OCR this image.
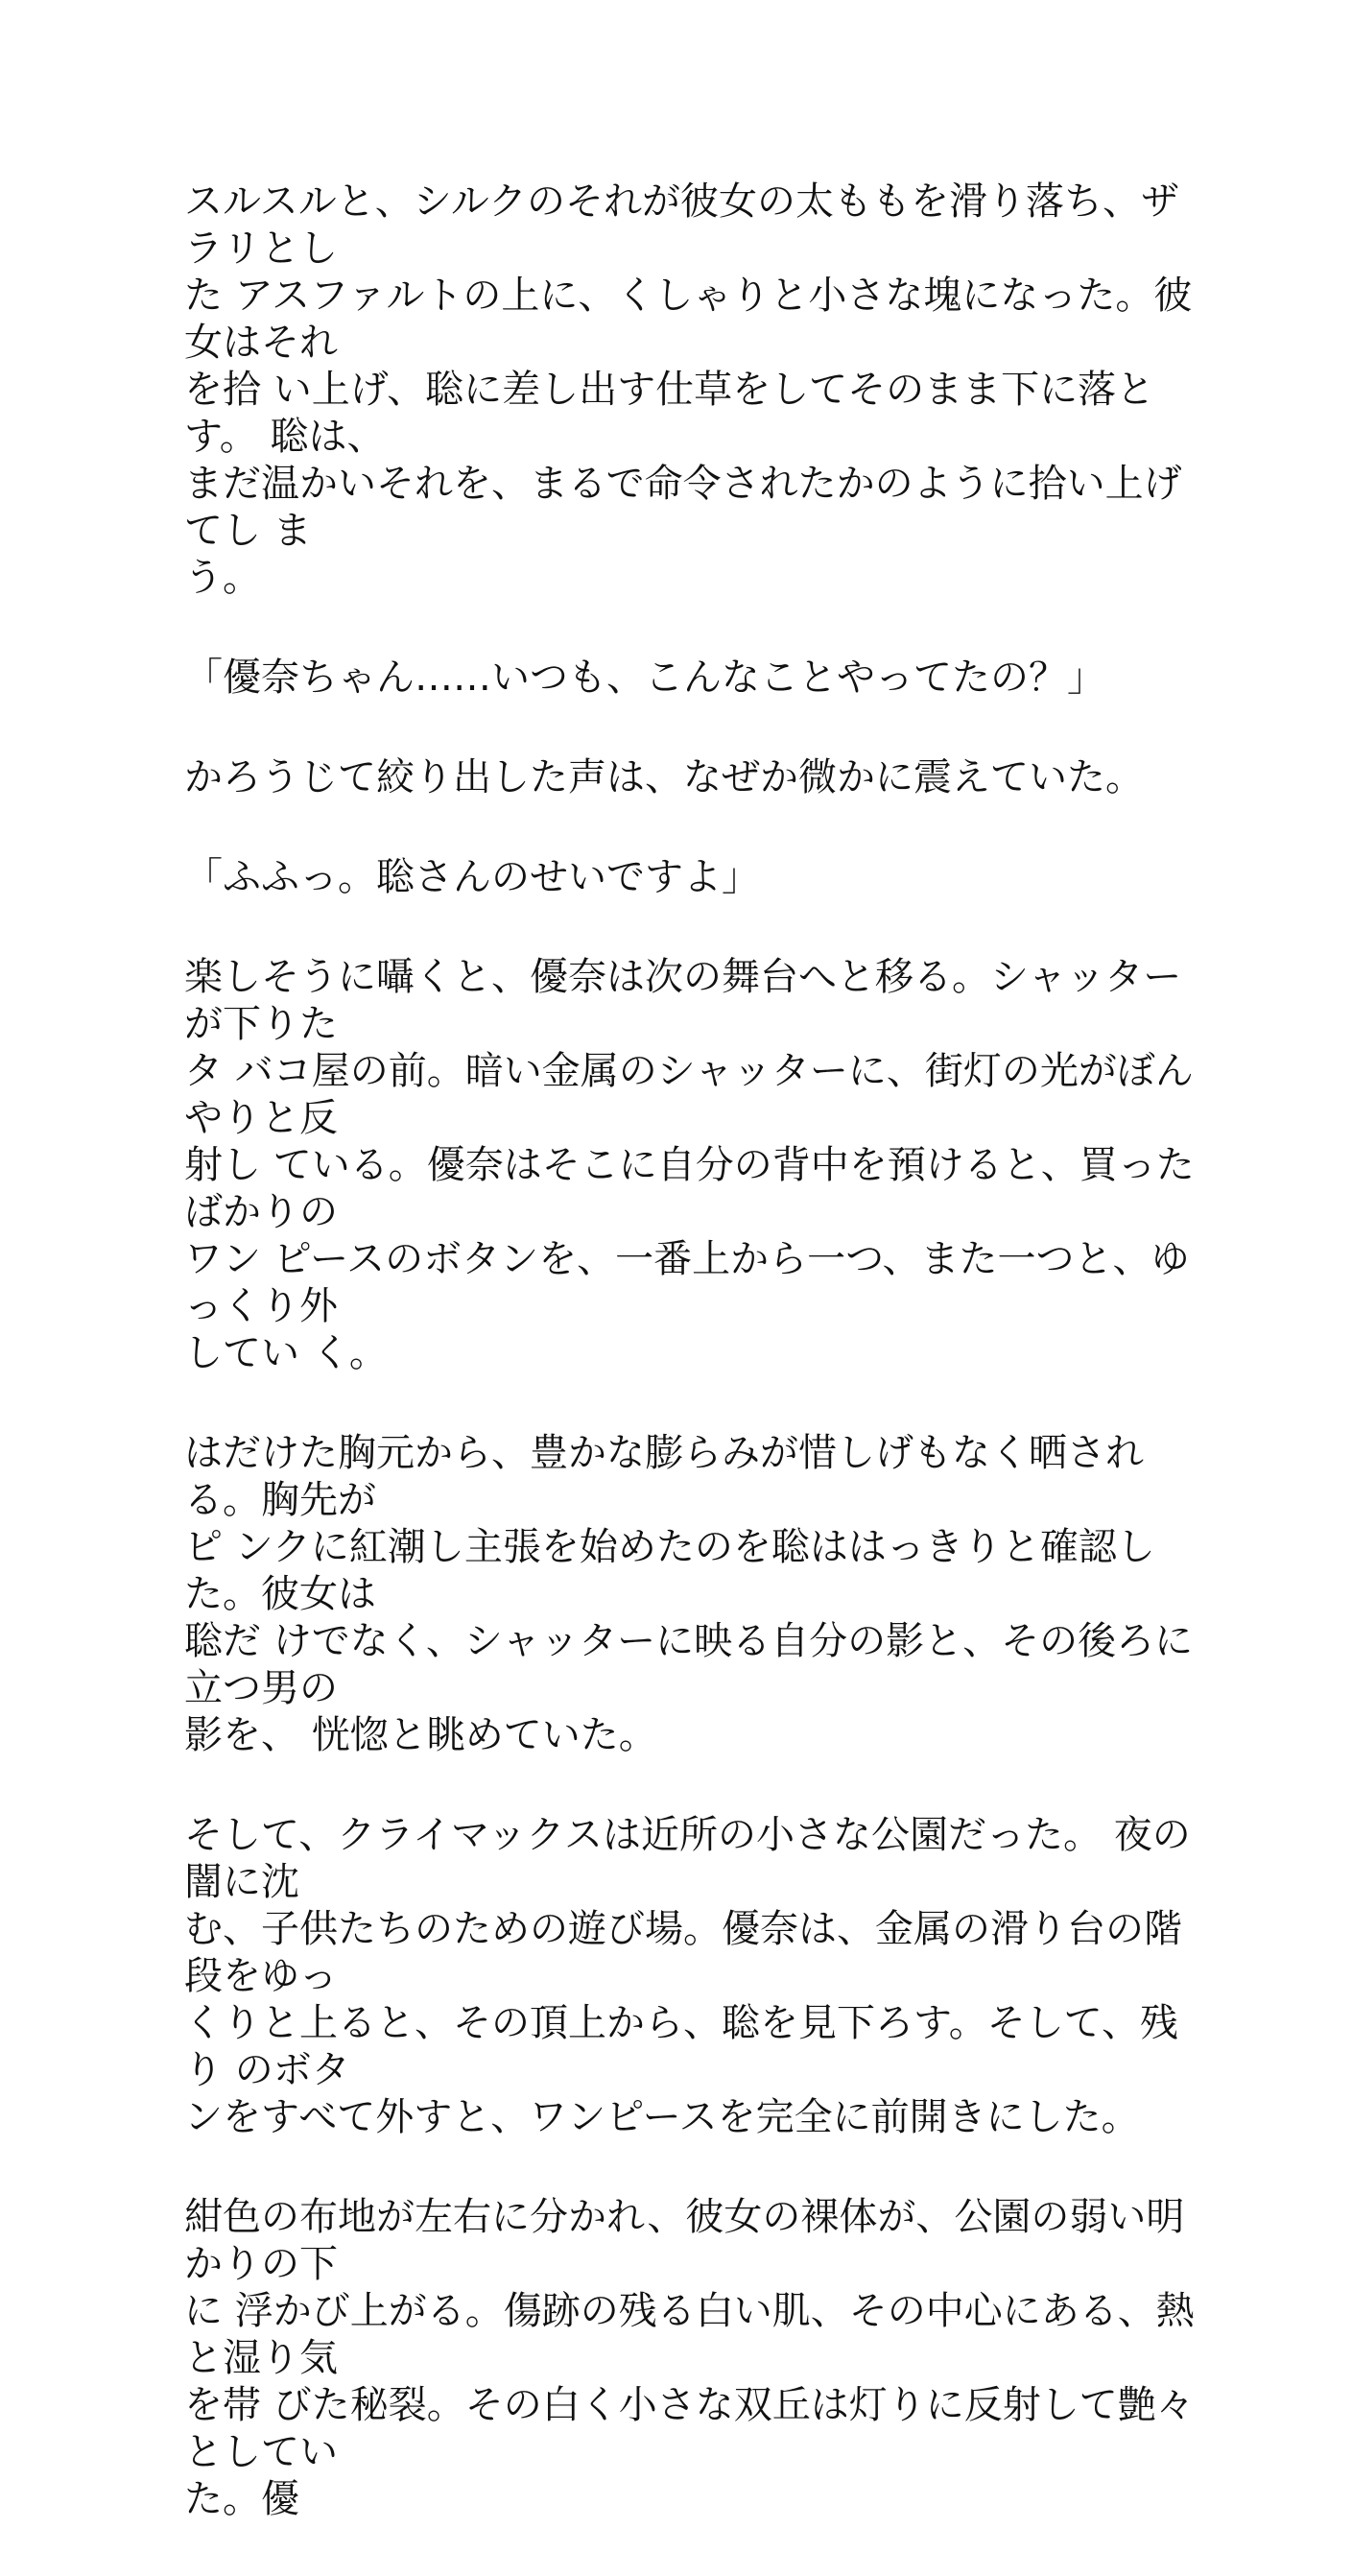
スルスルと、シルクのそれが彼女の太ももを滑り落ち、ザラリとし
た アスファルトの上に、くしゃりと小さな塊になった。彼女はそれ
を拾 い上げ、聡に差し出す仕草をしてそのまま下に落とす。 聡は、
まだ温かいそれを、まるで命令されたかのように拾い上げてし ま
う。
「優奈ちゃん……いつも、こんなことやってたの？」
かろうじて絞り出した声は、なぜか微かに震えていた。
「ふふっ。聡さんのせいですよ」
楽しそうに囁くと、優奈は次の舞台へと移る。シャッターが下りた
タ バコ屋の前。暗い金属のシャッターに、街灯の光がぼんやりと反
射し ている。優奈はそこに自分の背中を預けると、買ったばかりの
ワン ピースのボタンを、一番上から一つ、また一つと、ゆっくり外
してい く。
はだけた胸元から、豊かな膨らみが惜しげもなく晒される。胸先が
ピ ンクに紅潮し主張を始めたのを聡ははっきりと確認した。彼女は
聡だ けでなく、シャッターに映る自分の影と、その後ろに立つ男の
影を、 恍惚と眺めていた。
そして、クライマックスは近所の小さな公園だった。 夜の闇に沈
む、子供たちのための遊び場。優奈は、金属の滑り台の階 段をゆっ
くりと上ると、その頂上から、聡を見下ろす。そして、残り のボタ
ンをすべて外すと、ワンピースを完全に前開きにした。
紺色の布地が左右に分かれ、彼女の裸体が、公園の弱い明かりの下
に 浮かび上がる。傷跡の残る白い肌、その中心にある、熱と湿り気
を帯 びた秘裂。その白く小さな双丘は灯りに反射して艶々としてい
た。優
